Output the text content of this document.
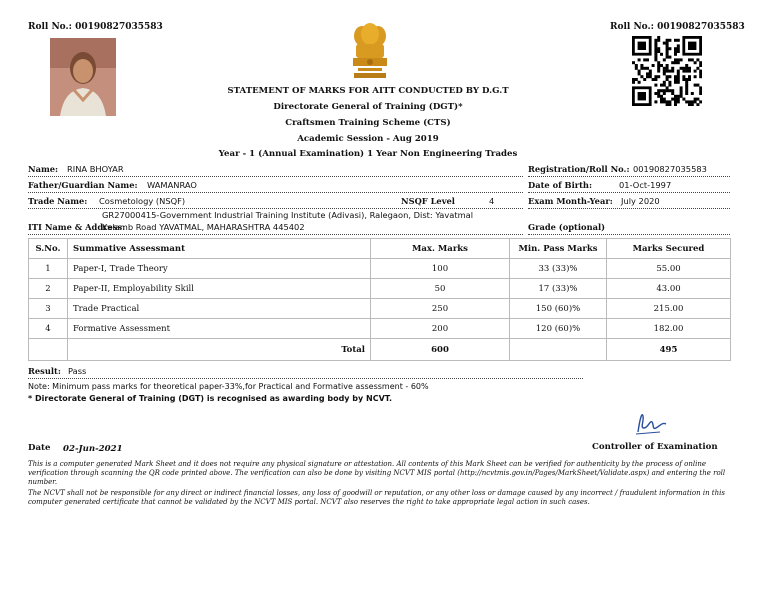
Roll No.: 00190827035583	Roll No.: 00190827035583
STATEMENT OF MARKS FOR AITT CONDUCTED BY D.G.T
Directorate General of Training (DGT)*
Craftsmen Training Scheme (CTS)
Academic Session - Aug 2019
Year - 1 (Annual Examination) 1 Year Non Engineering Trades
Name: RINA BHOYAR	Registration/Roll No.: 00190827035583
Father/Guardian Name: WAMANRAO	Date of Birth:	01-Oct-1997
Trade Name: Cosmetology (NSQF)	NSQF Level	4	Exam Month-Year: July 2020
GR27000415-Government Industrial Training Institute (Adivasi), Ralegaon, Dist: Yavatmal
ITI Name & Address:
Kalamb Road YAVATMAL, MAHARASHTRA 445402	Grade (optional)
S.No.	Summative Assessmant	Max. Marks	Min. Pass Marks	Marks Secured
1	Paper-I, Trade Theory	100	33 (33)%	55.00
2	Paper-II, Employability Skill	50	17 (33)%	43.00
3	Trade Practical	250	150 (60)%	215.00
4	Formative Assessment	200	120 (60)%	182.00
	Total	600		495
Result: Pass
Note: Minimum pass marks for theoretical paper-33%,for Practical and Formative assessment - 60%
* Directorate General of Training (DGT) is recognised as awarding body by NCVT.
Controller of Examination
Date 02-Jun-2021
This is a computer generated Mark Sheet and it does not require any physical signature or attestation. All contents of this Mark Sheet can be verified for authenticity by the process of online verification through scanning the QR code printed above. The verification can also be done by visiting NCVT MIS portal (http://ncvtmis.gov.in/Pages/MarkSheet/Validate.aspx) and entering the roll number.
The NCVT shall not be responsible for any direct or indirect financial losses, any loss of goodwill or reputation, or any other loss or damage caused by any incorrect / fraudulent information in this computer generated certificate that cannot be validated by the NCVT MIS portal. NCVT also reserves the right to take appropriate legal action in such cases.
